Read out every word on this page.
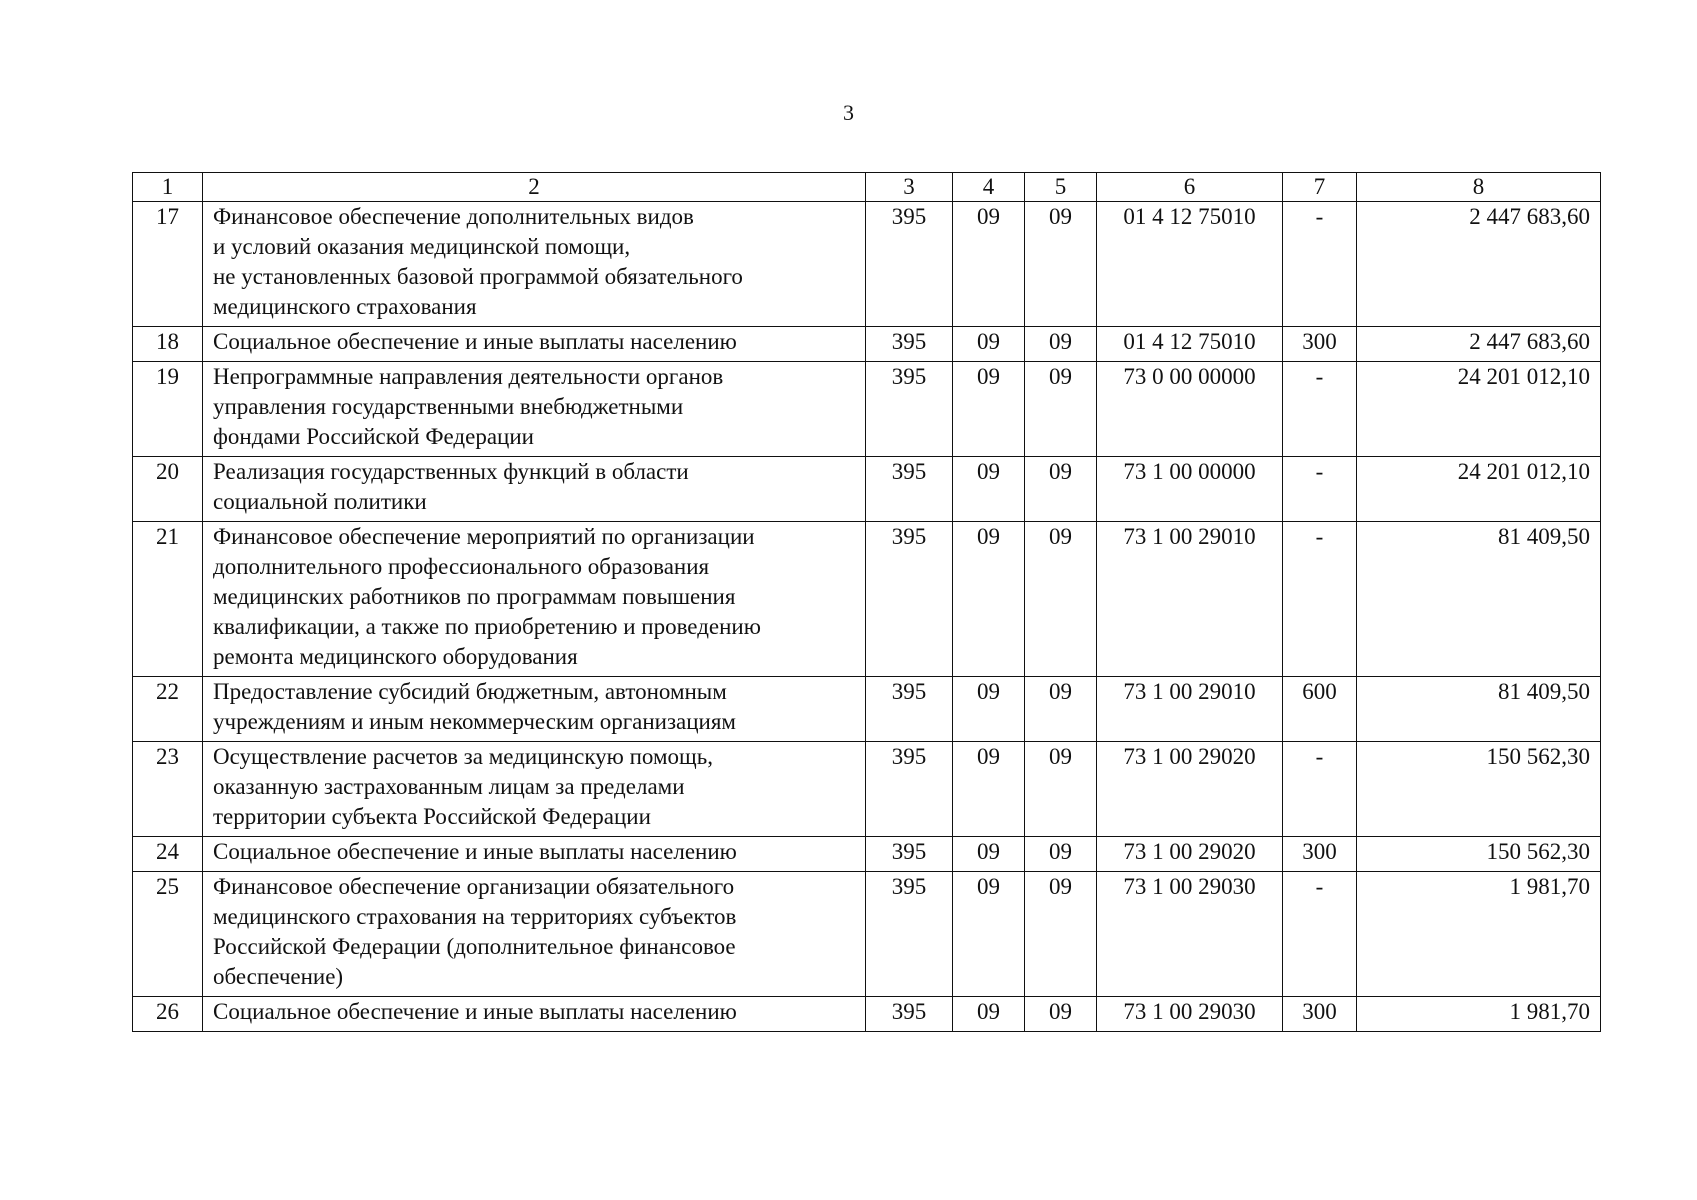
3
1	2	3	4	5	6	7	8
17	Финансовое обеспечение дополнительных видов
и условий оказания медицинской помощи,
не установленных базовой программой обязательного
медицинского страхования	395	09	09	01 4 12 75010	-	2 447 683,60
18	Социальное обеспечение и иные выплаты населению	395	09	09	01 4 12 75010	300	2 447 683,60
19	Непрограммные направления деятельности органов
управления государственными внебюджетными
фондами Российской Федерации	395	09	09	73 0 00 00000	-	24 201 012,10
20	Реализация государственных функций в области
социальной политики	395	09	09	73 1 00 00000	-	24 201 012,10
21	Финансовое обеспечение мероприятий по организации
дополнительного профессионального образования
медицинских работников по программам повышения
квалификации, а также по приобретению и проведению
ремонта медицинского оборудования	395	09	09	73 1 00 29010	-	81 409,50
22	Предоставление субсидий бюджетным, автономным
учреждениям и иным некоммерческим организациям	395	09	09	73 1 00 29010	600	81 409,50
23	Осуществление расчетов за медицинскую помощь,
оказанную застрахованным лицам за пределами
территории субъекта Российской Федерации	395	09	09	73 1 00 29020	-	150 562,30
24	Социальное обеспечение и иные выплаты населению	395	09	09	73 1 00 29020	300	150 562,30
25	Финансовое обеспечение организации обязательного
медицинского страхования на территориях субъектов
Российской Федерации (дополнительное финансовое
обеспечение)	395	09	09	73 1 00 29030	-	1 981,70
26	Социальное обеспечение и иные выплаты населению	395	09	09	73 1 00 29030	300	1 981,70
